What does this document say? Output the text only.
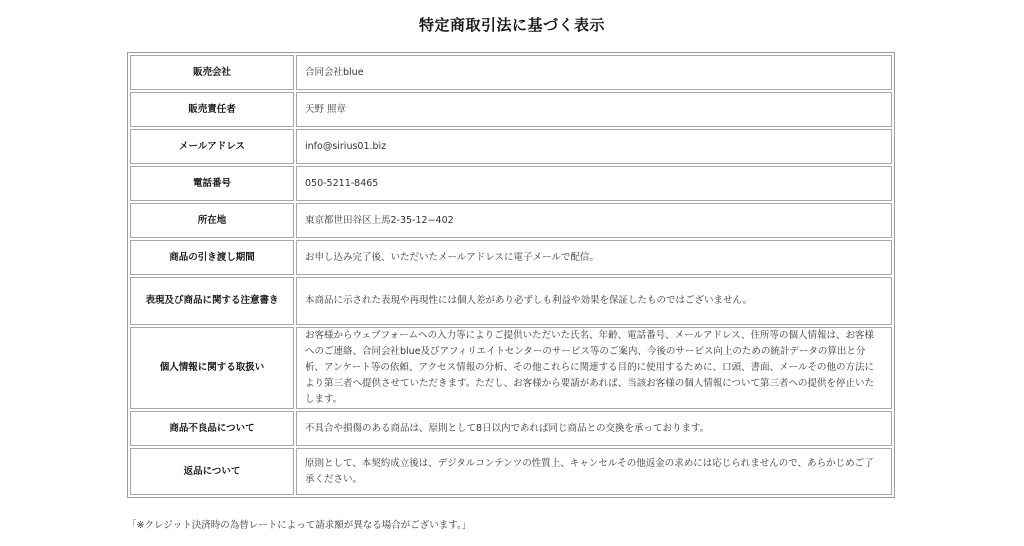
特定商取引法に基づく表示
販売会社	合同会社blue
販売責任者	天野 照章
メールアドレス	info@sirius01.biz
電話番号	050-5211-8465
所在地	東京都世田谷区上馬2-35-12−402
商品の引き渡し期間	お申し込み完了後、いただいたメールアドレスに電子メールで配信。
表現及び商品に関する注意書き	本商品に示された表現や再現性には個人差があり必ずしも利益や効果を保証したものではございません。
個人情報に関する取扱い	お客様からウェブフォームへの入力等によりご提供いただいた氏名、年齢、電話番号、メールアドレス、住所等の個人情報は、お客様へのご連絡、合同会社blue及びアフィリエイトセンターのサービス等のご案内、今後のサービス向上のための統計データの算出と分析、アンケート等の依頼、アクセス情報の分析、その他これらに関連する目的に使用するために、口頭、書面、メールその他の方法により第三者へ提供させていただきます。ただし、お客様から要請があれば、当該お客様の個人情報について第三者への提供を停止いたします。
商品不良品について	不具合や損傷のある商品は、原則として8日以内であれば同じ商品との交換を承っております。
返品について	原則として、本契約成立後は、デジタルコンテンツの性質上、キャンセルその他返金の求めには応じられませんので、あらかじめご了承ください。
「※クレジット決済時の為替レートによって請求額が異なる場合がございます。」
